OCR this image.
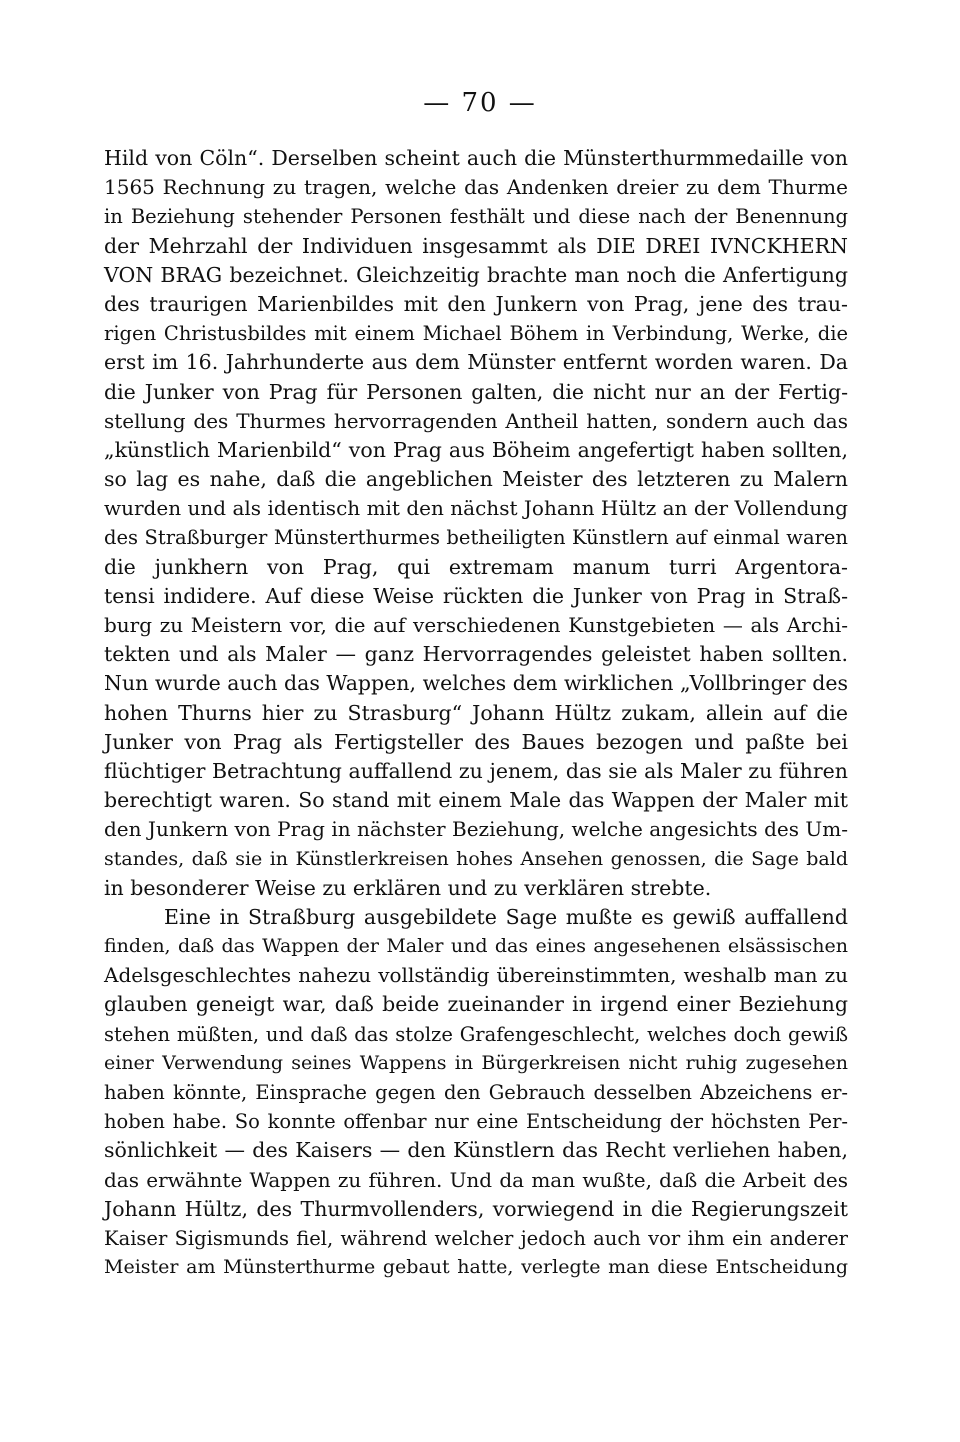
— 70 —
Hild von Cöln“. Derselben scheint auch die Münsterthurmmedaille von
1565 Rechnung zu tragen, welche das Andenken dreier zu dem Thurme
in Beziehung stehender Personen festhält und diese nach der Benennung
der Mehrzahl der Individuen insgesammt als DIE DREI IVNCKHERN
VON BRAG bezeichnet. Gleichzeitig brachte man noch die Anfertigung
des traurigen Marienbildes mit den Junkern von Prag, jene des trau-
rigen Christusbildes mit einem Michael Böhem in Verbindung, Werke, die
erst im 16. Jahrhunderte aus dem Münster entfernt worden waren. Da
die Junker von Prag für Personen galten, die nicht nur an der Fertig-
stellung des Thurmes hervorragenden Antheil hatten, sondern auch das
„künstlich Marienbild“ von Prag aus Böheim angefertigt haben sollten,
so lag es nahe, daß die angeblichen Meister des letzteren zu Malern
wurden und als identisch mit den nächst Johann Hültz an der Vollendung
des Straßburger Münsterthurmes betheiligten Künstlern auf einmal waren
die junkhern von Prag, qui extremam manum turri Argentora-
tensi indidere. Auf diese Weise rückten die Junker von Prag in Straß-
burg zu Meistern vor, die auf verschiedenen Kunstgebieten — als Archi-
tekten und als Maler — ganz Hervorragendes geleistet haben sollten.
Nun wurde auch das Wappen, welches dem wirklichen „Vollbringer des
hohen Thurns hier zu Strasburg“ Johann Hültz zukam, allein auf die
Junker von Prag als Fertigsteller des Baues bezogen und paßte bei
flüchtiger Betrachtung auffallend zu jenem, das sie als Maler zu führen
berechtigt waren. So stand mit einem Male das Wappen der Maler mit
den Junkern von Prag in nächster Beziehung, welche angesichts des Um-
standes, daß sie in Künstlerkreisen hohes Ansehen genossen, die Sage bald
in besonderer Weise zu erklären und zu verklären strebte.
Eine in Straßburg ausgebildete Sage mußte es gewiß auffallend
finden, daß das Wappen der Maler und das eines angesehenen elsässischen
Adelsgeschlechtes nahezu vollständig übereinstimmten, weshalb man zu
glauben geneigt war, daß beide zueinander in irgend einer Beziehung
stehen müßten, und daß das stolze Grafengeschlecht, welches doch gewiß
einer Verwendung seines Wappens in Bürgerkreisen nicht ruhig zugesehen
haben könnte, Einsprache gegen den Gebrauch desselben Abzeichens er-
hoben habe. So konnte offenbar nur eine Entscheidung der höchsten Per-
sönlichkeit — des Kaisers — den Künstlern das Recht verliehen haben,
das erwähnte Wappen zu führen. Und da man wußte, daß die Arbeit des
Johann Hültz, des Thurmvollenders, vorwiegend in die Regierungszeit
Kaiser Sigismunds fiel, während welcher jedoch auch vor ihm ein anderer
Meister am Münsterthurme gebaut hatte, verlegte man diese Entscheidung
